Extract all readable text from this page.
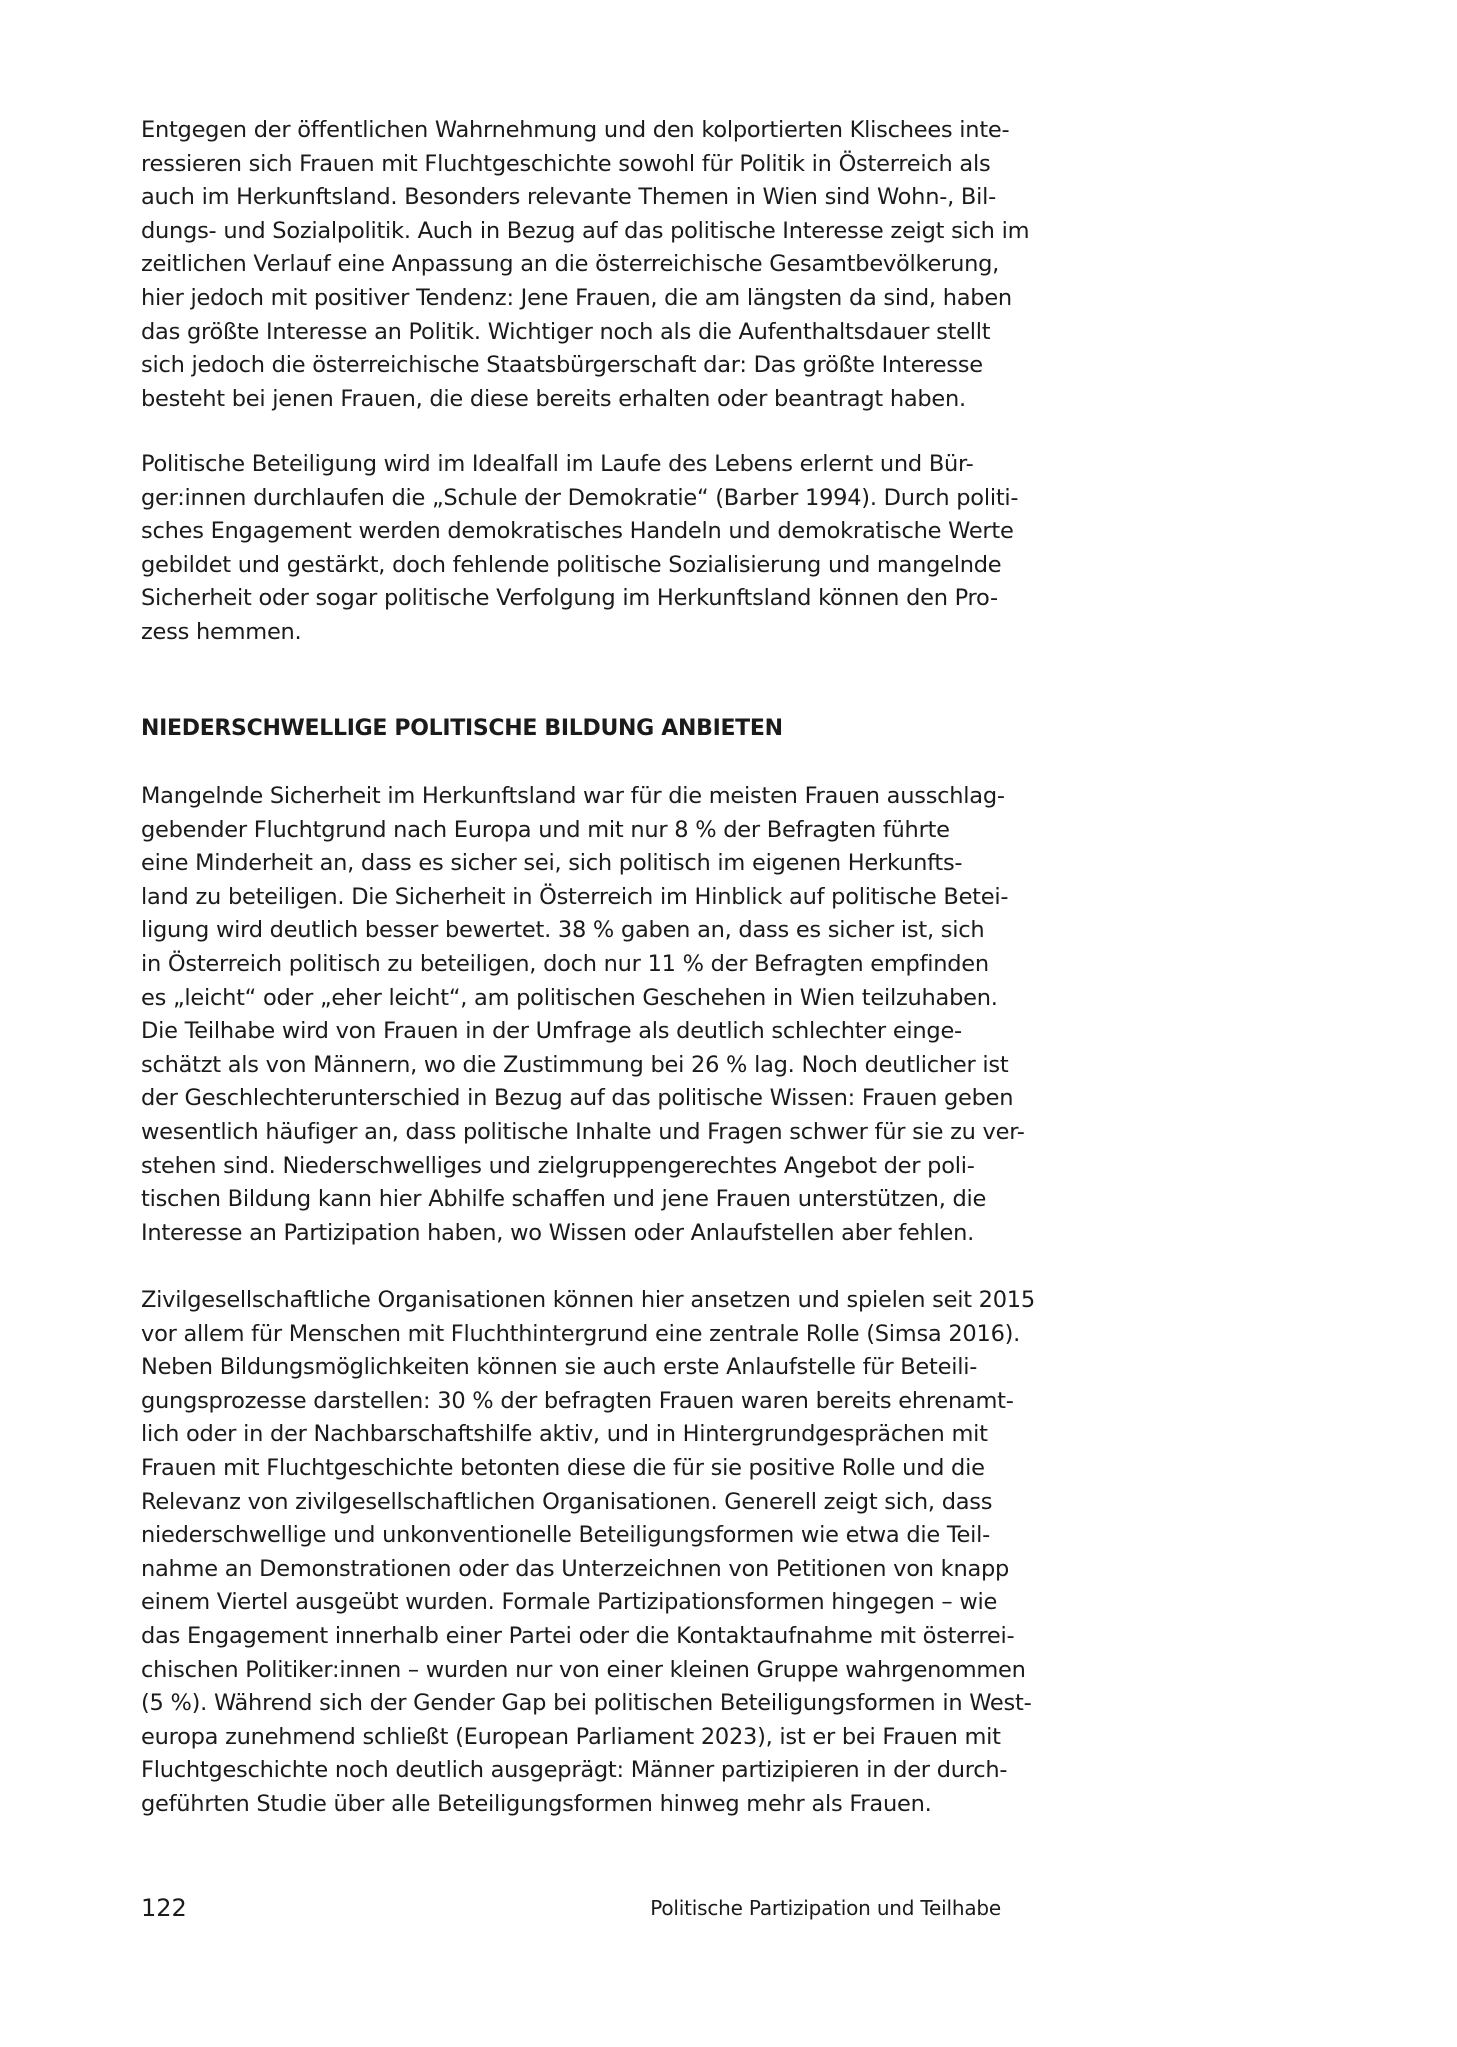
Entgegen der öffentlichen Wahrnehmung und den kolportierten Klischees inte-
ressieren sich Frauen mit Fluchtgeschichte sowohl für Politik in Österreich als
auch im Herkunftsland. Besonders relevante Themen in Wien sind Wohn-, Bil-
dungs- und Sozialpolitik. Auch in Bezug auf das politische Interesse zeigt sich im
zeitlichen Verlauf eine Anpassung an die österreichische Gesamtbevölkerung,
hier jedoch mit positiver Tendenz: Jene Frauen, die am längsten da sind, haben
das größte Interesse an Politik. Wichtiger noch als die Aufenthaltsdauer stellt
sich jedoch die österreichische Staatsbürgerschaft dar: Das größte Interesse
besteht bei jenen Frauen, die diese bereits erhalten oder beantragt haben.
Politische Beteiligung wird im Idealfall im Laufe des Lebens erlernt und Bür-
ger:innen durchlaufen die „Schule der Demokratie“ (Barber 1994). Durch politi-
sches Engagement werden demokratisches Handeln und demokratische Werte
gebildet und gestärkt, doch fehlende politische Sozialisierung und mangelnde
Sicherheit oder sogar politische Verfolgung im Herkunftsland können den Pro-
zess hemmen.
NIEDERSCHWELLIGE POLITISCHE BILDUNG ANBIETEN
Mangelnde Sicherheit im Herkunftsland war für die meisten Frauen ausschlag-
gebender Fluchtgrund nach Europa und mit nur 8 % der Befragten führte
eine Minderheit an, dass es sicher sei, sich politisch im eigenen Herkunfts-
land zu beteiligen. Die Sicherheit in Österreich im Hinblick auf politische Betei-
ligung wird deutlich besser bewertet. 38 % gaben an, dass es sicher ist, sich
in Österreich politisch zu beteiligen, doch nur 11 % der Befragten empfinden
es „leicht“ oder „eher leicht“, am politischen Geschehen in Wien teilzuhaben.
Die Teilhabe wird von Frauen in der Umfrage als deutlich schlechter einge-
schätzt als von Männern, wo die Zustimmung bei 26 % lag. Noch deutlicher ist
der Geschlechterunterschied in Bezug auf das politische Wissen: Frauen geben
wesentlich häufiger an, dass politische Inhalte und Fragen schwer für sie zu ver-
stehen sind. Niederschwelliges und zielgruppengerechtes Angebot der poli-
tischen Bildung kann hier Abhilfe schaffen und jene Frauen unterstützen, die
Interesse an Partizipation haben, wo Wissen oder Anlaufstellen aber fehlen.
Zivilgesellschaftliche Organisationen können hier ansetzen und spielen seit 2015
vor allem für Menschen mit Fluchthintergrund eine zentrale Rolle (Simsa 2016).
Neben Bildungsmöglichkeiten können sie auch erste Anlaufstelle für Beteili-
gungsprozesse darstellen: 30 % der befragten Frauen waren bereits ehrenamt-
lich oder in der Nachbarschaftshilfe aktiv, und in Hintergrundgesprächen mit
Frauen mit Fluchtgeschichte betonten diese die für sie positive Rolle und die
Relevanz von zivilgesellschaftlichen Organisationen. Generell zeigt sich, dass
niederschwellige und unkonventionelle Beteiligungsformen wie etwa die Teil-
nahme an Demonstrationen oder das Unterzeichnen von Petitionen von knapp
einem Viertel ausgeübt wurden. Formale Partizipationsformen hingegen – wie
das Engagement innerhalb einer Partei oder die Kontaktaufnahme mit österrei-
chischen Politiker:innen – wurden nur von einer kleinen Gruppe wahrgenommen
(5 %). Während sich der Gender Gap bei politischen Beteiligungsformen in West-
europa zunehmend schließt (European Parliament 2023), ist er bei Frauen mit
Fluchtgeschichte noch deutlich ausgeprägt: Männer partizipieren in der durch-
geführten Studie über alle Beteiligungsformen hinweg mehr als Frauen.
122	Politische Partizipation und Teilhabe
